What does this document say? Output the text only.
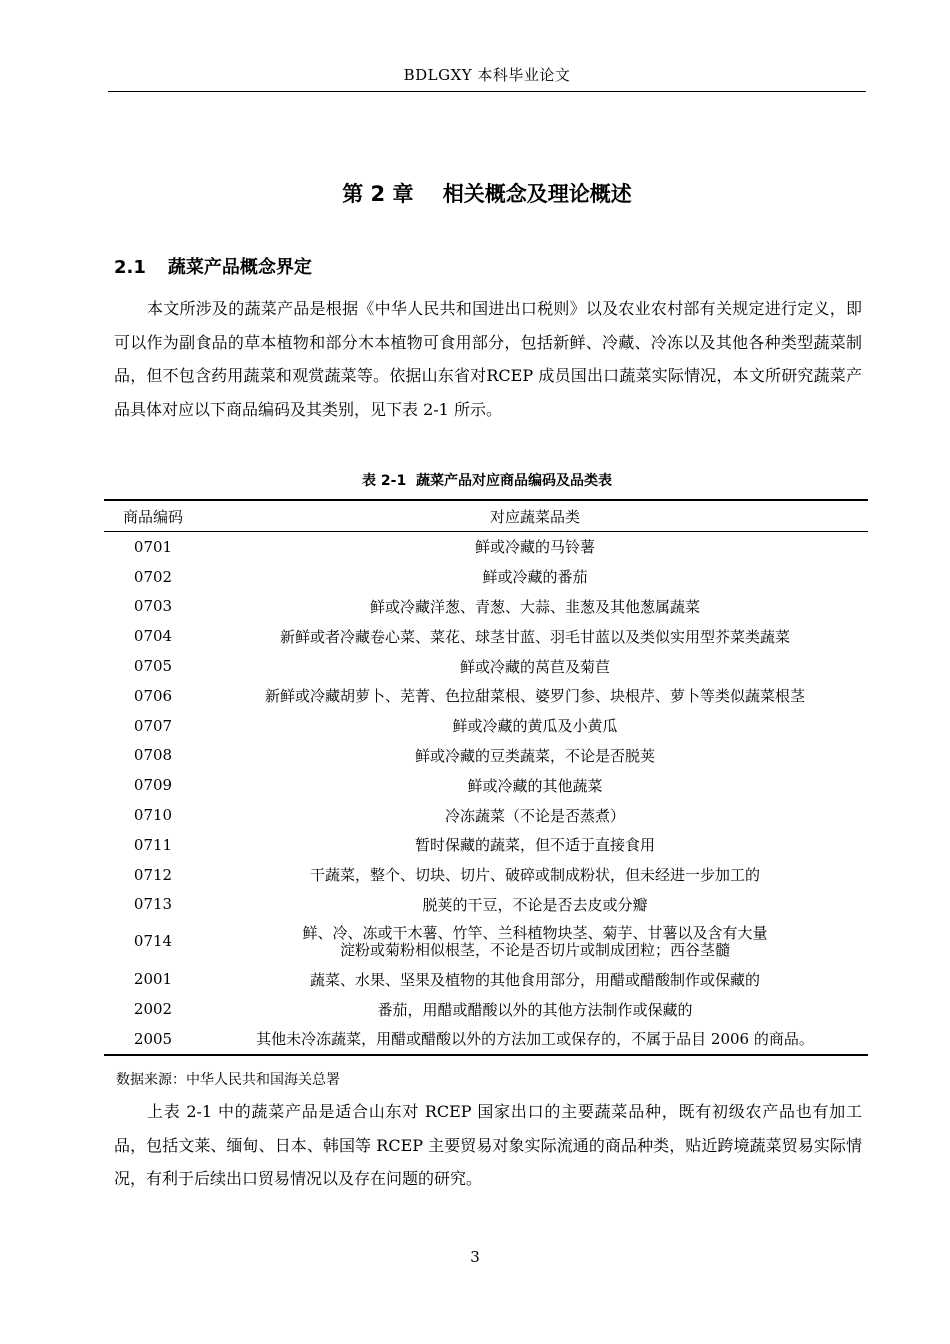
BDLGXY 本科毕业论文
第 2 章    相关概念及理论概述
2.1 蔬菜产品概念界定

本文所涉及的蔬菜产品是根据《中华人民共和国进出口税则》以及农业农村部有关规定进行定义，即可以作为副食品的草本植物和部分木本植物可食用部分，包括新鲜、冷藏、冷冻以及其他各种类型蔬菜制品，但不包含药用蔬菜和观赏蔬菜等。依据山东省对RCEP 成员国出口蔬菜实际情况，本文所研究蔬菜产品具体对应以下商品编码及其类别，见下表 2-1 所示。

表 2-1  蔬菜产品对应商品编码及品类表
商品编码	对应蔬菜品类
0701	鲜或冷藏的马铃薯
0702	鲜或冷藏的番茄
0703	鲜或冷藏洋葱、青葱、大蒜、韭葱及其他葱属蔬菜
0704	新鲜或者冷藏卷心菜、菜花、球茎甘蓝、羽毛甘蓝以及类似实用型芥菜类蔬菜
0705	鲜或冷藏的莴苣及菊苣
0706	新鲜或冷藏胡萝卜、芜菁、色拉甜菜根、婆罗门参、块根芹、萝卜等类似蔬菜根茎
0707	鲜或冷藏的黄瓜及小黄瓜
0708	鲜或冷藏的豆类蔬菜，不论是否脱荚
0709	鲜或冷藏的其他蔬菜
0710	冷冻蔬菜（不论是否蒸煮）
0711	暂时保藏的蔬菜，但不适于直接食用
0712	干蔬菜，整个、切块、切片、破碎或制成粉状，但未经进一步加工的
0713	脱荚的干豆，不论是否去皮或分瓣
0714	鲜、冷、冻或干木薯、竹竿、兰科植物块茎、菊芋、甘薯以及含有大量淀粉或菊粉相似根茎，不论是否切片或制成团粒；西谷茎髓
2001	蔬菜、水果、坚果及植物的其他食用部分，用醋或醋酸制作或保藏的
2002	番茄，用醋或醋酸以外的其他方法制作或保藏的
2005	其他未冷冻蔬菜，用醋或醋酸以外的方法加工或保存的，不属于品目 2006 的商品。
数据来源：中华人民共和国海关总署

上表 2-1 中的蔬菜产品是适合山东对 RCEP 国家出口的主要蔬菜品种，既有初级农产品也有加工品，包括文莱、缅甸、日本、韩国等 RCEP 主要贸易对象实际流通的商品种类，贴近跨境蔬菜贸易实际情况，有利于后续出口贸易情况以及存在问题的研究。

3
